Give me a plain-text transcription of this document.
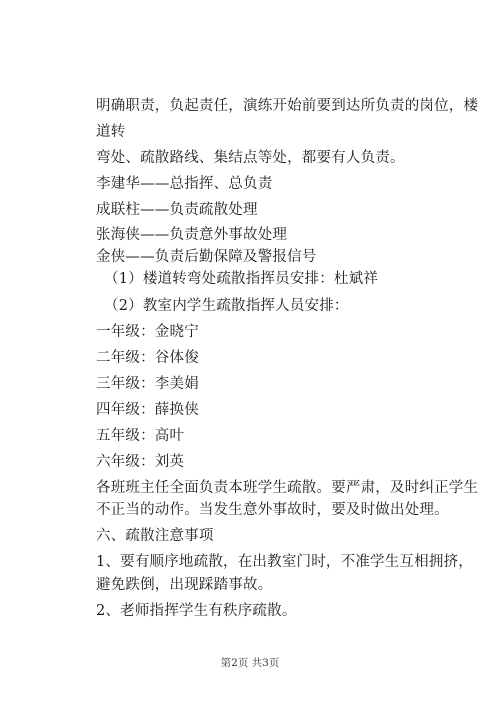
明确职责，负起责任，演练开始前要到达所负责的岗位，楼
道转
弯处、疏散路线、集结点等处，都要有人负责。
李建华——总指挥、总负责
成联柱——负责疏散处理
张海侠——负责意外事故处理
金侠——负责后勤保障及警报信号
（1）楼道转弯处疏散指挥员安排：杜斌祥
（2）教室内学生疏散指挥人员安排：
一年级：金晓宁
二年级：谷体俊
三年级：李美娟
四年级：薛换侠
五年级：高叶
六年级：刘英
各班班主任全面负责本班学生疏散。要严肃，及时纠正学生
不正当的动作。当发生意外事故时，要及时做出处理。
六、疏散注意事项
1、要有顺序地疏散，在出教室门时，不准学生互相拥挤，
避免跌倒，出现踩踏事故。
2、老师指挥学生有秩序疏散。
第2页 共3页
